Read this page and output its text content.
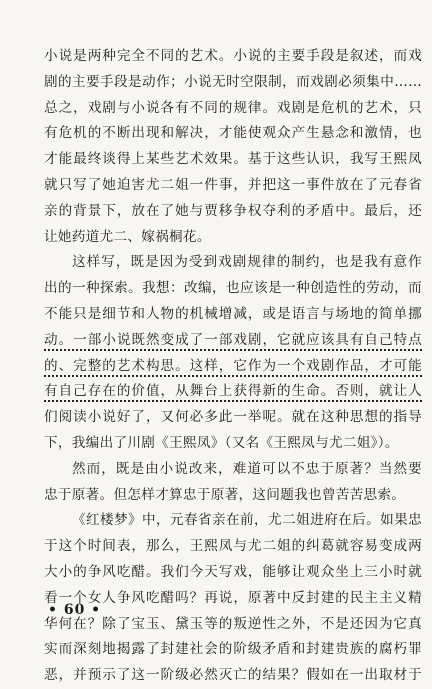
小说是两种完全不同的艺术。小说的主要手段是叙述，而戏
剧的主要手段是动作；小说无时空限制，而戏剧必须集中……
总之，戏剧与小说各有不同的规律。戏剧是危机的艺术，只
有危机的不断出现和解决，才能使观众产生悬念和激情，也
才能最终谈得上某些艺术效果。基于这些认识，我写王熙凤
就只写了她迫害尤二姐一件事，并把这一事件放在了元春省
亲的背景下，放在了她与贾移争权夺利的矛盾中。最后，还
让她药道尤二、嫁祸桐花。
这样写，既是因为受到戏剧规律的制约，也是我有意作
出的一种探索。我想：改编，也应该是一种创造性的劳动，而
不能只是细节和人物的机械增减，或是语言与场地的简单挪
动。一部小说既然变成了一部戏剧，它就应该具有自己特点
的、完整的艺术构思。这样，它作为一个戏剧作品，才可能
有自己存在的价值，从舞台上获得新的生命。否则，就让人
们阅读小说好了，又何必多此一举呢。就在这种思想的指导
下，我编出了川剧《王熙凤》（又名《王熙凤与尤二姐》）。
然而，既是由小说改来，难道可以不忠于原著？当然要
忠于原著。但怎样才算忠于原著，这问题我也曾苦苦思索。
《红楼梦》中，元春省亲在前，尤二姐进府在后。如果忠
于这个时间表，那么，王熙凤与尤二姐的纠葛就容易变成两
大小的争风吃醋。我们今天写戏，能够让观众坐上三小时就
看一个女人争风吃醋吗？再说，原著中反封建的民主主义精
华何在？除了宝玉、黛玉等的叛逆性之外，不是还因为它真
实而深刻地揭露了封建社会的阶级矛盾和封建贵族的腐朽罪
恶，并预示了这一阶级必然灭亡的结果？假如在一出取材于
• 60 •
